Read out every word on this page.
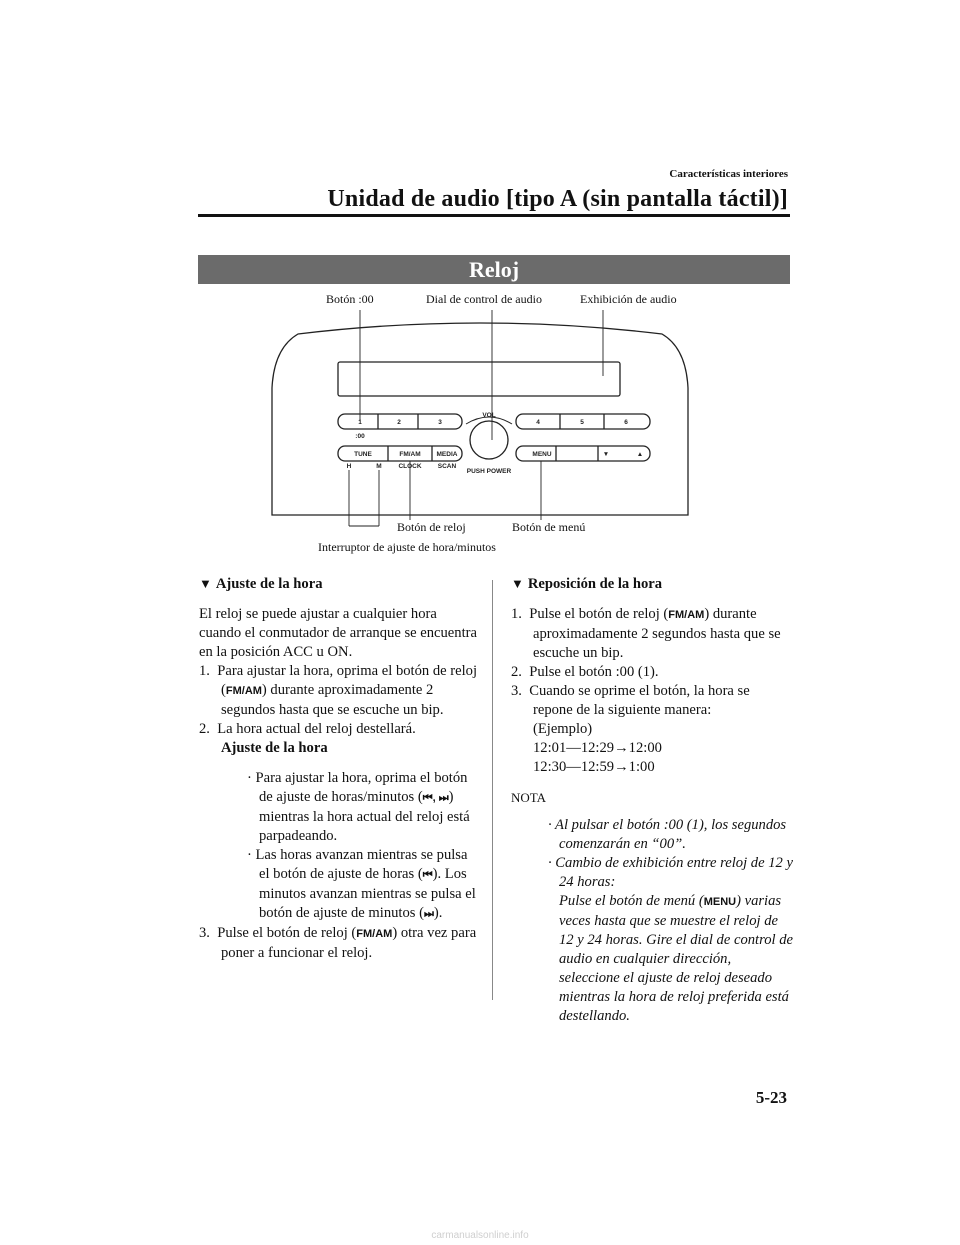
Características interiores
Unidad de audio [tipo A (sin pantalla táctil)]
Reloj
Botón :00	Dial de control de audio	Exhibición de audio
Botón de reloj	Botón de menú
Interruptor de ajuste de hora/minutos
1	2	3
:00
VOL
4	5	6
TUNE	FM/AM MEDIA
H	M	CLOCK SCAN
PUSH POWER
MENU	▼	▲

▼ Ajuste de la hora

El reloj se puede ajustar a cualquier hora cuando el conmutador de arranque se encuentra en la posición ACC u ON.

1.  Para ajustar la hora, oprima el botón de reloj (FM/AM) durante aproximadamente 2 segundos hasta que se escuche un bip.

2.  La hora actual del reloj destellará.

Ajuste de la hora

· Para ajustar la hora, oprima el botón de ajuste de horas/minutos (⏮, ⏭) mientras la hora actual del reloj está parpadeando.

· Las horas avanzan mientras se pulsa el botón de ajuste de horas (⏮). Los minutos avanzan mientras se pulsa el botón de ajuste de minutos (⏭).

3.  Pulse el botón de reloj (FM/AM) otra vez para poner a funcionar el reloj.

▼ Reposición de la hora

1.  Pulse el botón de reloj (FM/AM) durante aproximadamente 2 segundos hasta que se escuche un bip.

2.  Pulse el botón :00 (1).

3.  Cuando se oprime el botón, la hora se repone de la siguiente manera:

(Ejemplo)

12:01―12:29→12:00

12:30―12:59→1:00

NOTA

· Al pulsar el botón :00 (1), los segundos comenzarán en “00”.

· Cambio de exhibición entre reloj de 12 y 24 horas:

Pulse el botón de menú (MENU) varias veces hasta que se muestre el reloj de 12 y 24 horas. Gire el dial de control de audio en cualquier dirección, seleccione el ajuste de reloj deseado mientras la hora de reloj preferida está destellando.

5-23
carmanualsonline.info
